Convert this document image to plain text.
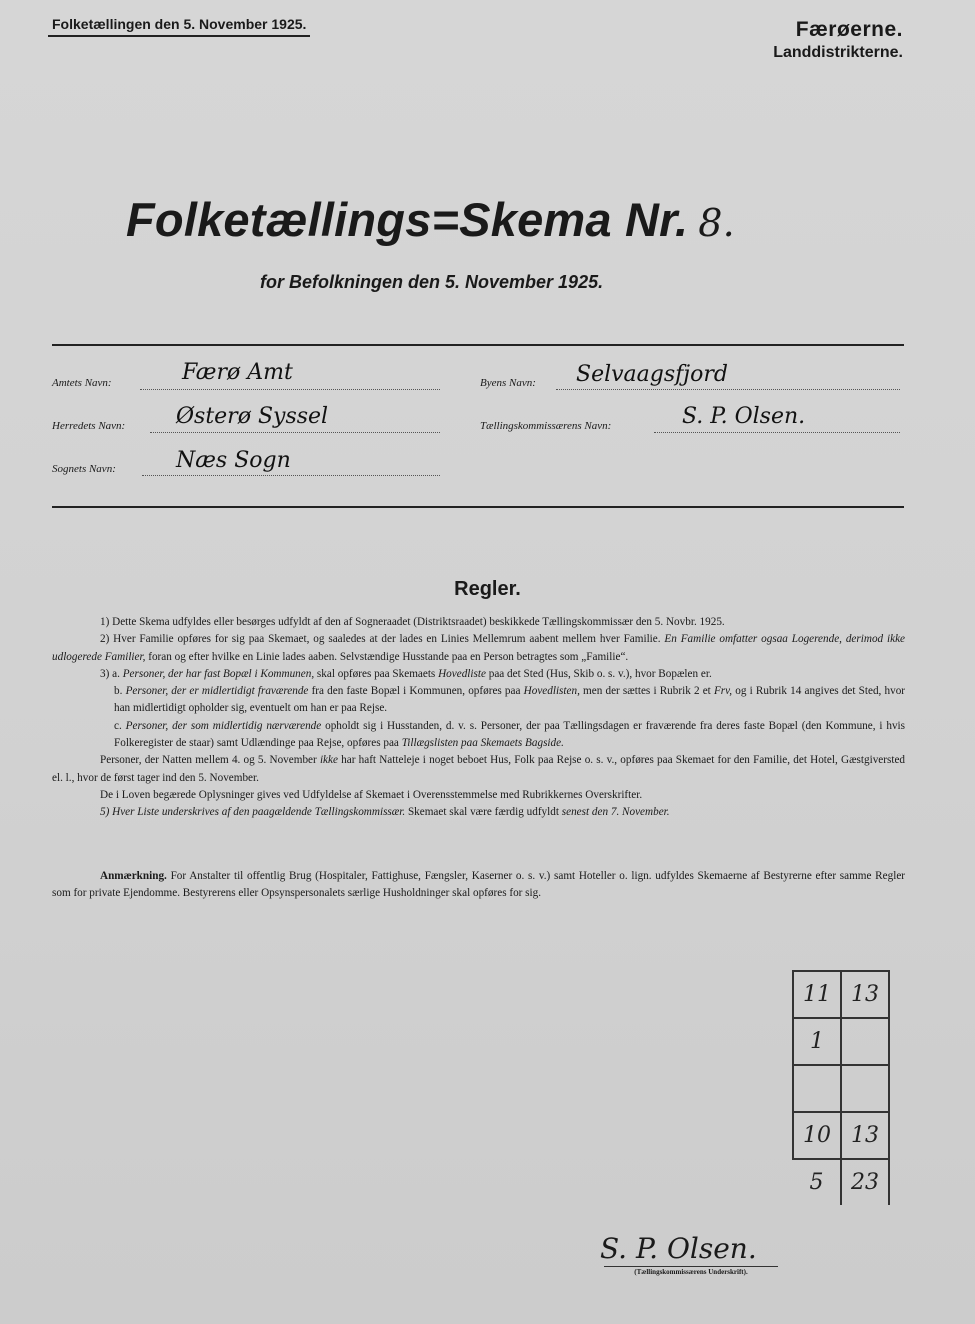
Folketællingen den 5. November 1925.	Færøerne.
Landdistrikterne.
Folketællings=Skema Nr. 8.
for Befolkningen den 5. November 1925.
Amtets Navn:	Færø Amt
Herredets Navn: Østerø Syssel
Sognets Navn:	Næs Sogn
Byens Navn: Selvaagsfjord
Tællingskommissærens Navn:	S. P. Olsen.
Regler.

1) Dette Skema udfyldes eller besørges udfyldt af den af Sogneraadet (Distriktsraadet) beskikkede Tællingskommissær den 5. Novbr. 1925.

2) Hver Familie opføres for sig paa Skemaet, og saaledes at der lades en Linies Mellemrum aabent mellem hver Familie. En Familie omfatter ogsaa Logerende, derimod ikke udlogerede Familier, foran og efter hvilke en Linie lades aaben. Selvstændige Husstande paa en Person betragtes som „Familie“.

3) a. Personer, der har fast Bopæl i Kommunen, skal opføres paa Skemaets Hovedliste paa det Sted (Hus, Skib o. s. v.), hvor Bopælen er.

b. Personer, der er midlertidigt fraværende fra den faste Bopæl i Kommunen, opføres paa Hovedlisten, men der sættes i Rubrik 2 et Frv, og i Rubrik 14 angives det Sted, hvor han midlertidigt opholder sig, eventuelt om han er paa Rejse.

c. Personer, der som midlertidig nærværende opholdt sig i Husstanden, d. v. s. Personer, der paa Tællingsdagen er fraværende fra deres faste Bopæl (den Kommune, i hvis Folkeregister de staar) samt Udlændinge paa Rejse, opføres paa Tillægslisten paa Skemaets Bagside.

Personer, der Natten mellem 4. og 5. November ikke har haft Natteleje i noget beboet Hus, Folk paa Rejse o. s. v., opføres paa Skemaet for den Familie, det Hotel, Gæstgiversted el. l., hvor de først tager ind den 5. November.

De i Loven begærede Oplysninger gives ved Udfyldelse af Skemaet i Overensstemmelse med Rubrikkernes Overskrifter.

5) Hver Liste underskrives af den paagældende Tællingskommissær. Skemaet skal være færdig udfyldt senest den 7. November.

Anmærkning. For Anstalter til offentlig Brug (Hospitaler, Fattighuse, Fængsler, Kaserner o. s. v.) samt Hoteller o. lign. udfyldes Skemaerne af Bestyrerne efter samme Regler som for private Ejendomme. Bestyrerens eller Opsynspersonalets særlige Husholdninger skal opføres for sig.
11	13
1	

10	13
5	23
S. P. Olsen.
(Tællingskommissærens Underskrift).
